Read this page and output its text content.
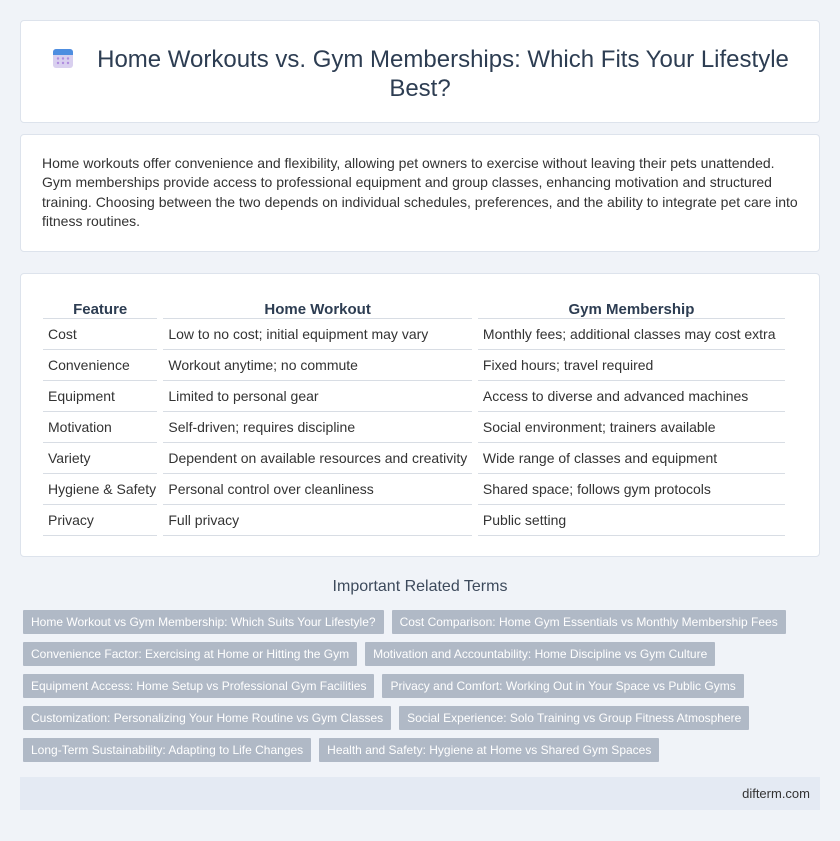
Home Workouts vs. Gym Memberships: Which Fits Your Lifestyle Best?

Home workouts offer convenience and flexibility, allowing pet owners to exercise without leaving their pets unattended. Gym memberships provide access to professional equipment and group classes, enhancing motivation and structured training. Choosing between the two depends on individual schedules, preferences, and the ability to integrate pet care into fitness routines.

Feature	Home Workout	Gym Membership
Cost	Low to no cost; initial equipment may vary	Monthly fees; additional classes may cost extra
Convenience	Workout anytime; no commute	Fixed hours; travel required
Equipment	Limited to personal gear	Access to diverse and advanced machines
Motivation	Self-driven; requires discipline	Social environment; trainers available
Variety	Dependent on available resources and creativity	Wide range of classes and equipment
Hygiene & Safety	Personal control over cleanliness	Shared space; follows gym protocols
Privacy	Full privacy	Public setting
Important Related Terms
Home Workout vs Gym Membership: Which Suits Your Lifestyle?	Cost Comparison: Home Gym Essentials vs Monthly Membership Fees
Convenience Factor: Exercising at Home or Hitting the Gym	Motivation and Accountability: Home Discipline vs Gym Culture
Equipment Access: Home Setup vs Professional Gym Facilities	Privacy and Comfort: Working Out in Your Space vs Public Gyms
Customization: Personalizing Your Home Routine vs Gym Classes	Social Experience: Solo Training vs Group Fitness Atmosphere
Long-Term Sustainability: Adapting to Life Changes	Health and Safety: Hygiene at Home vs Shared Gym Spaces
difterm.com
